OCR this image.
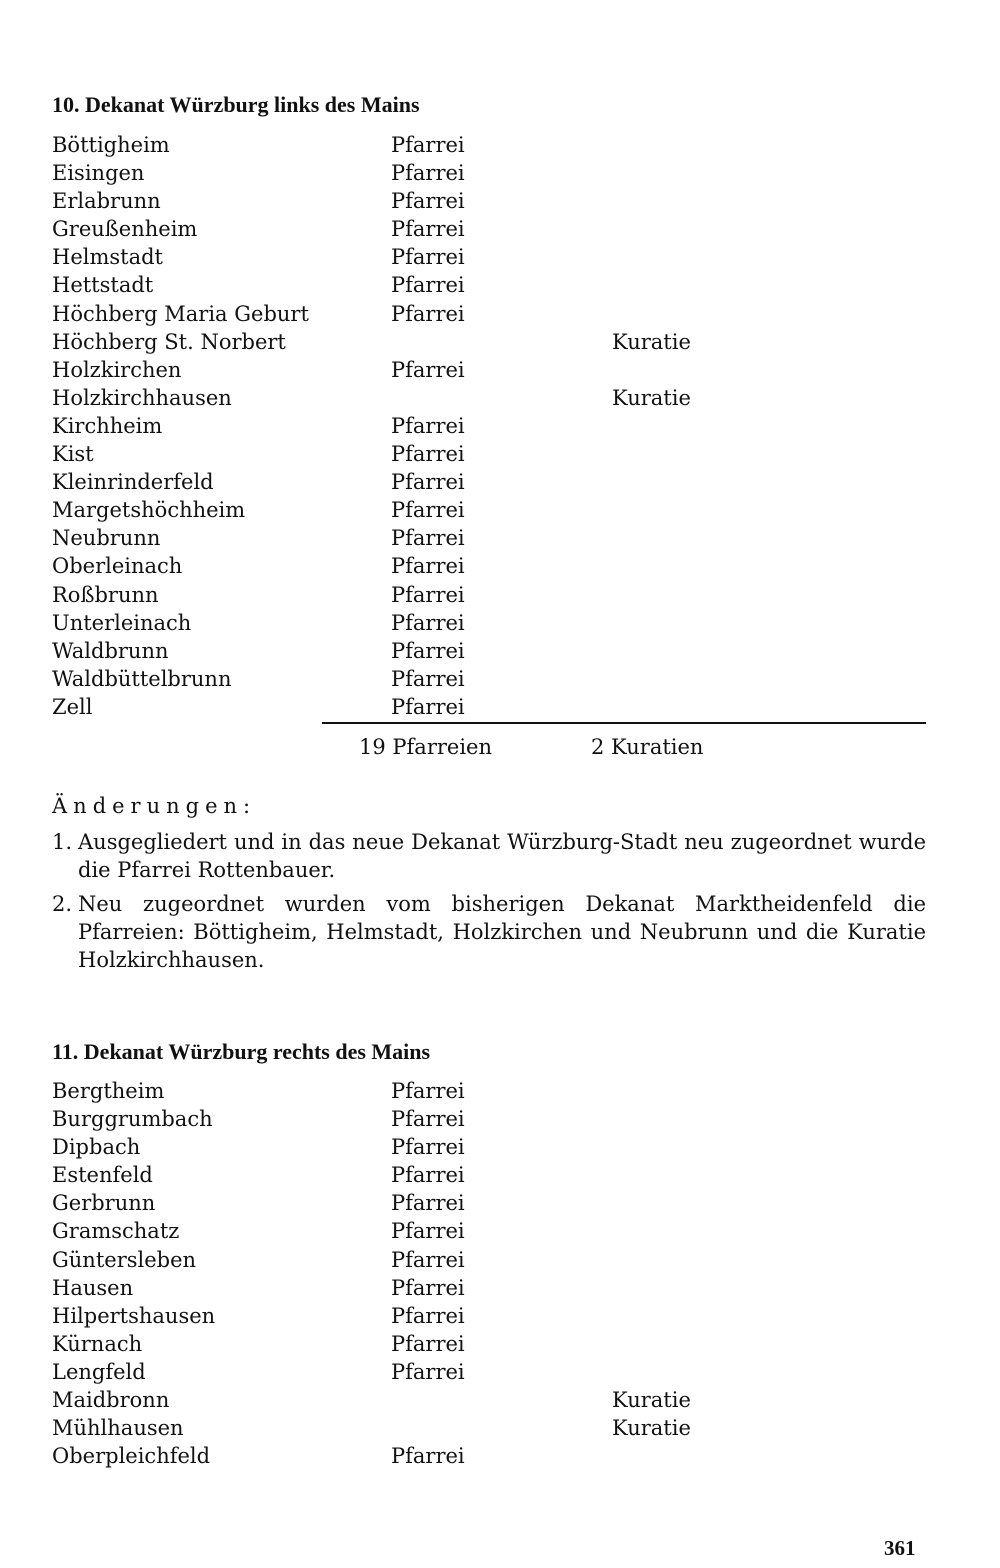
10. Dekanat Würzburg links des Mains
Böttigheim	Pfarrei
Eisingen	Pfarrei
Erlabrunn	Pfarrei
Greußenheim	Pfarrei
Helmstadt	Pfarrei
Hettstadt	Pfarrei
Höchberg Maria Geburt	Pfarrei
Höchberg St. Norbert	Kuratie
Holzkirchen	Pfarrei
Holzkirchhausen	Kuratie
Kirchheim	Pfarrei
Kist	Pfarrei
Kleinrinderfeld	Pfarrei
Margetshöchheim	Pfarrei
Neubrunn	Pfarrei
Oberleinach	Pfarrei
Roßbrunn	Pfarrei
Unterleinach	Pfarrei
Waldbrunn	Pfarrei
Waldbüttelbrunn	Pfarrei
Zell	Pfarrei
19 Pfarreien	2 Kuratien

Änderungen:

1. Ausgegliedert und in das neue Dekanat Würzburg-Stadt neu zugeordnet wurde die Pfarrei Rottenbauer.
2. Neu zugeordnet wurden vom bisherigen Dekanat Marktheidenfeld die Pfarreien: Böttigheim, Helmstadt, Holzkirchen und Neubrunn und die Kuratie Holzkirchhausen.
11. Dekanat Würzburg rechts des Mains
Bergtheim	Pfarrei
Burggrumbach	Pfarrei
Dipbach	Pfarrei
Estenfeld	Pfarrei
Gerbrunn	Pfarrei
Gramschatz	Pfarrei
Güntersleben	Pfarrei
Hausen	Pfarrei
Hilpertshausen	Pfarrei
Kürnach	Pfarrei
Lengfeld	Pfarrei
Maidbronn	Kuratie
Mühlhausen	Kuratie
Oberpleichfeld	Pfarrei
361
